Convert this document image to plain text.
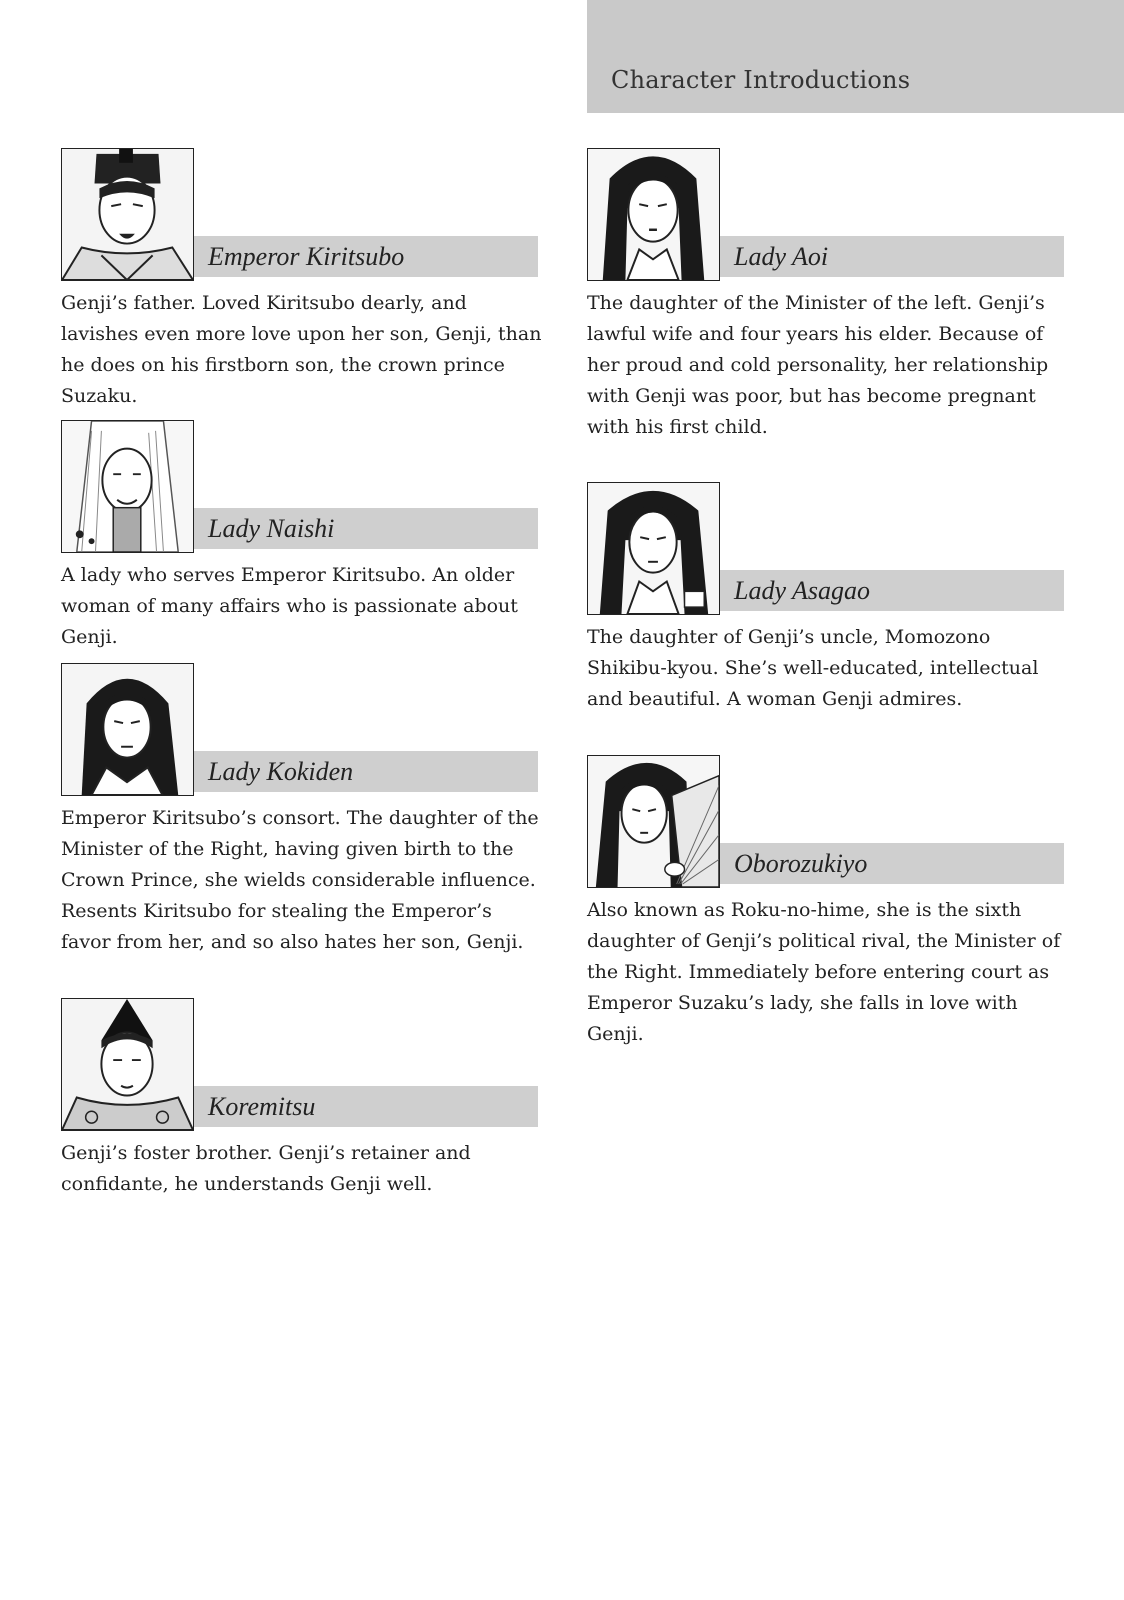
Character Introductions
Emperor Kiritsubo

Genji’s father. Loved Kiritsubo dearly, and lavishes even more love upon her son, Genji, than he does on his firstborn son, the crown prince Suzaku.

Lady Naishi

A lady who serves Emperor Kiritsubo. An older woman of many affairs who is passionate about Genji.

Lady Kokiden

Emperor Kiritsubo’s consort. The daughter of the Minister of the Right, having given birth to the Crown Prince, she wields considerable influence. Resents Kiritsubo for stealing the Emperor’s favor from her, and so also hates her son, Genji.

Koremitsu

Genji’s foster brother. Genji’s retainer and confidante, he understands Genji well.

Lady Aoi

The daughter of the Minister of the left. Genji’s lawful wife and four years his elder. Because of her proud and cold personality, her relationship with Genji was poor, but has become pregnant with his first child.

Lady Asagao

The daughter of Genji’s uncle, Momozono Shikibu-kyou. She’s well-educated, intellectual and beautiful. A woman Genji admires.

Oborozukiyo

Also known as Roku-no-hime, she is the sixth daughter of Genji’s political rival, the Minister of the Right. Immediately before entering court as Emperor Suzaku’s lady, she falls in love with Genji.
